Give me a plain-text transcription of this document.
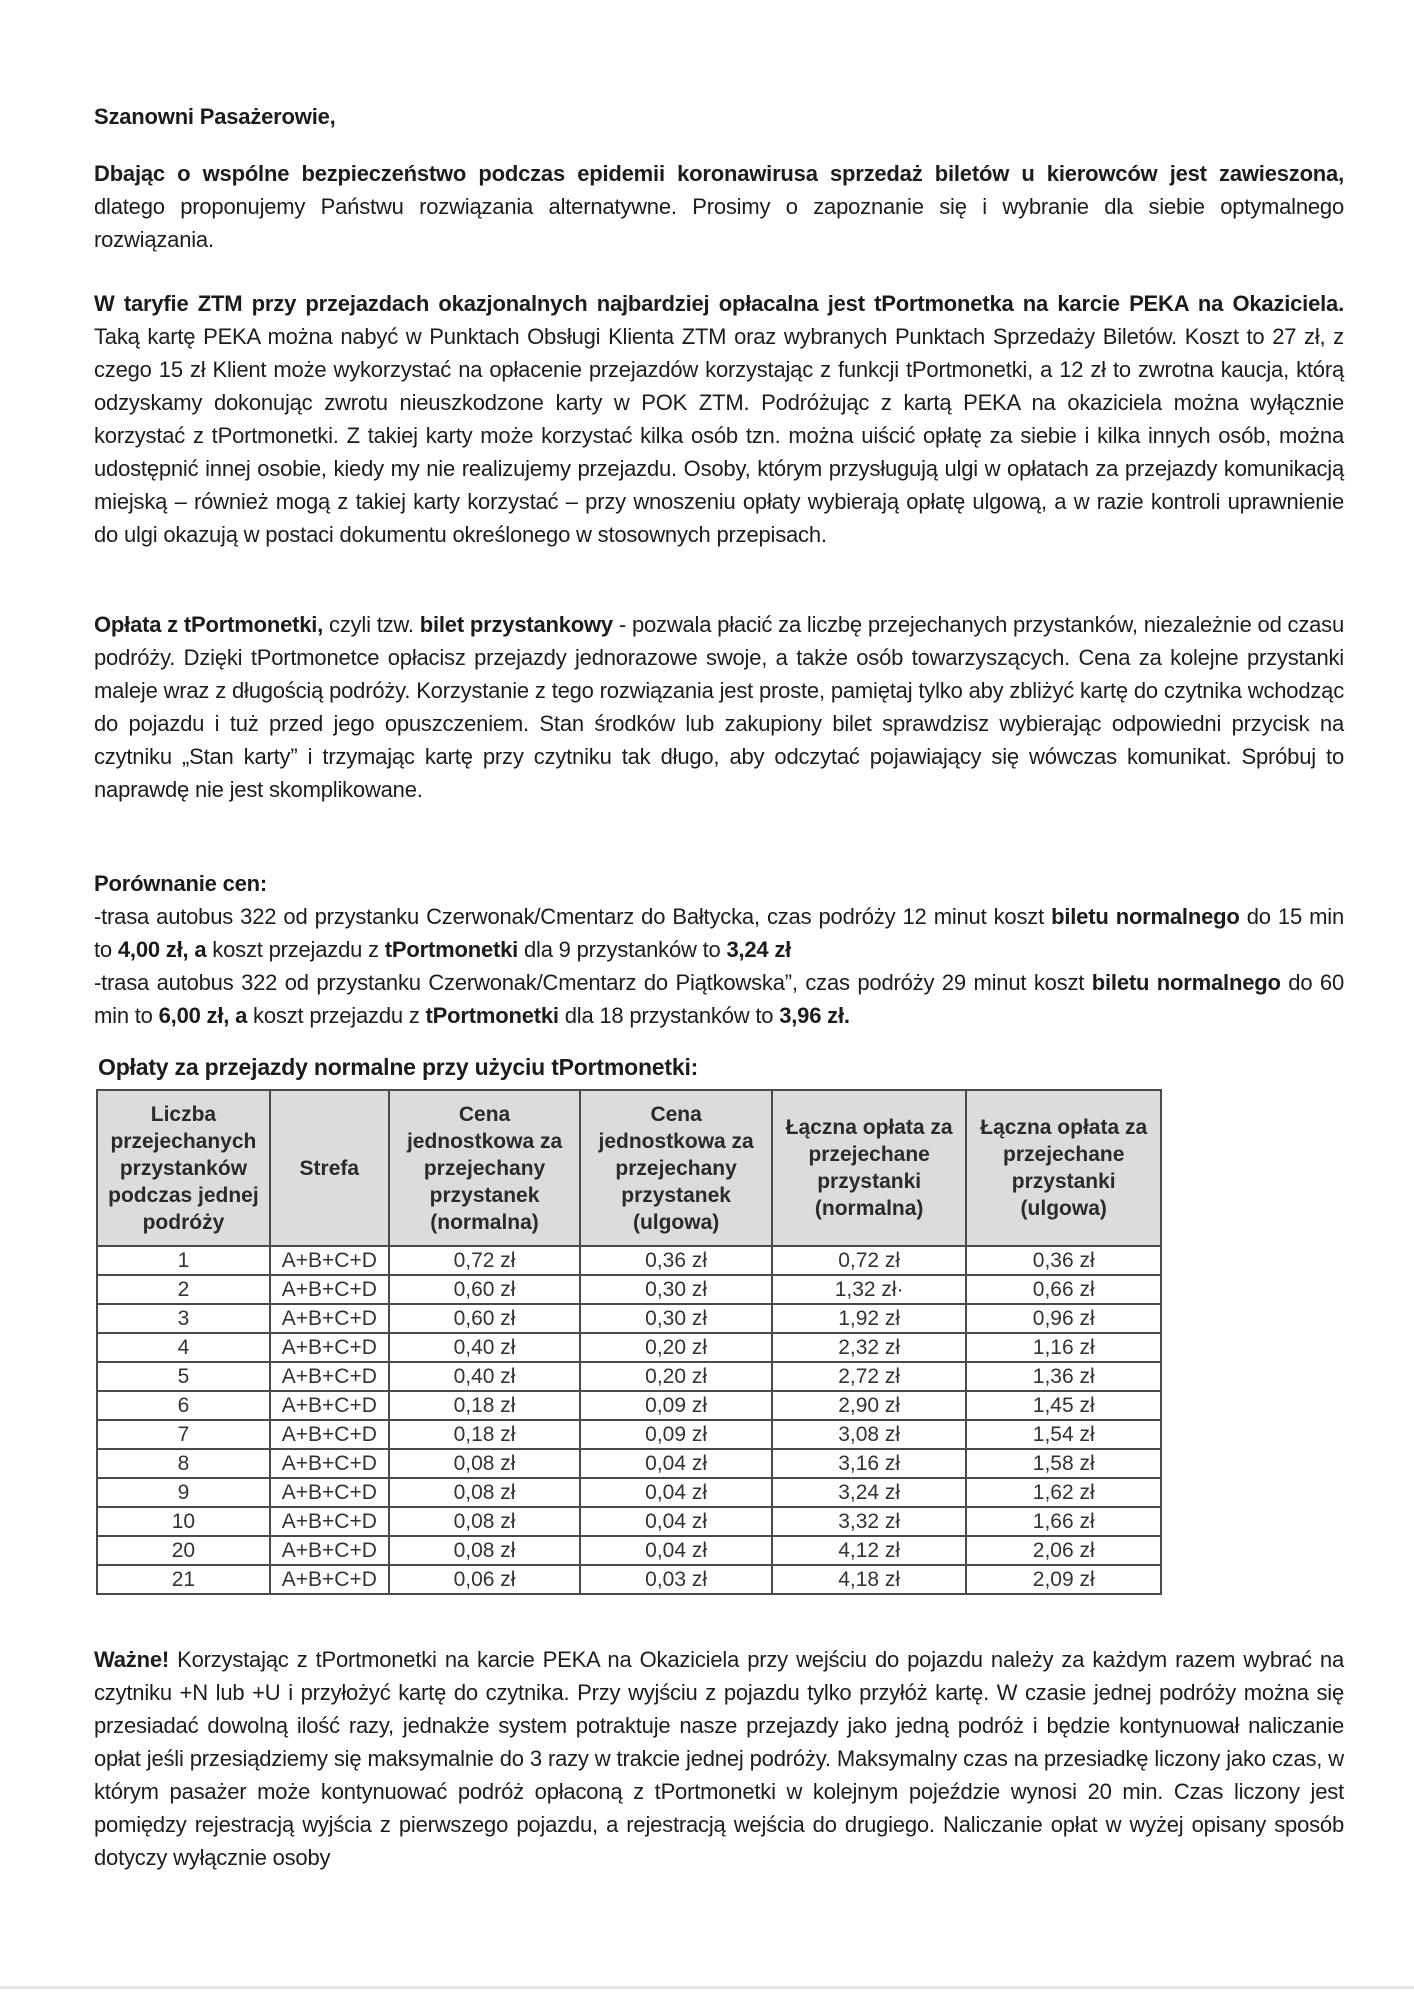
Szanowni Pasażerowie,

Dbając o wspólne bezpieczeństwo podczas epidemii koronawirusa sprzedaż biletów u kierowców jest zawieszona, dlatego proponujemy Państwu rozwiązania alternatywne. Prosimy o zapoznanie się i wybranie dla siebie optymalnego rozwiązania.

W taryfie ZTM przy przejazdach okazjonalnych najbardziej opłacalna jest tPortmonetka na karcie PEKA na Okaziciela. Taką kartę PEKA można nabyć w Punktach Obsługi Klienta ZTM oraz wybranych Punktach Sprzedaży Biletów. Koszt to 27 zł, z czego 15 zł Klient może wykorzystać na opłacenie przejazdów korzystając z funkcji tPortmonetki, a 12 zł to zwrotna kaucja, którą odzyskamy dokonując zwrotu nieuszkodzone karty w POK ZTM. Podróżując z kartą PEKA na okaziciela można wyłącznie korzystać z tPortmonetki. Z takiej karty może korzystać kilka osób tzn. można uiścić opłatę za siebie i kilka innych osób, można udostępnić innej osobie, kiedy my nie realizujemy przejazdu. Osoby, którym przysługują ulgi w opłatach za przejazdy komunikacją miejską – również mogą z takiej karty korzystać – przy wnoszeniu opłaty wybierają opłatę ulgową, a w razie kontroli uprawnienie do ulgi okazują w postaci dokumentu określonego w stosownych przepisach.

Opłata z tPortmonetki, czyli tzw. bilet przystankowy - pozwala płacić za liczbę przejechanych przystanków, niezależnie od czasu podróży. Dzięki tPortmonetce opłacisz przejazdy jednorazowe swoje, a także osób towarzyszących. Cena za kolejne przystanki maleje wraz z długością podróży. Korzystanie z tego rozwiązania jest proste, pamiętaj tylko aby zbliżyć kartę do czytnika wchodząc do pojazdu i tuż przed jego opuszczeniem. Stan środków lub zakupiony bilet sprawdzisz wybierając odpowiedni przycisk na czytniku „Stan karty” i trzymając kartę przy czytniku tak długo, aby odczytać pojawiający się wówczas komunikat. Spróbuj to naprawdę nie jest skomplikowane.

Porównanie cen:
-trasa autobus 322 od przystanku Czerwonak/Cmentarz do Bałtycka, czas podróży 12 minut koszt biletu normalnego do 15 min to 4,00 zł, a koszt przejazdu z tPortmonetki dla 9 przystanków to 3,24 zł
-trasa autobus 322 od przystanku Czerwonak/Cmentarz do Piątkowska”, czas podróży 29 minut koszt biletu normalnego do 60 min to 6,00 zł, a koszt przejazdu z tPortmonetki dla 18 przystanków to 3,96 zł.

Opłaty za przejazdy normalne przy użyciu tPortmonetki:

Liczba przejechanych przystanków podczas jednej podróży	Strefa	Cena jednostkowa za przejechany przystanek (normalna)	Cena jednostkowa za przejechany przystanek (ulgowa)	Łączna opłata za przejechane przystanki (normalna)	Łączna opłata za przejechane przystanki (ulgowa)
1	A+B+C+D	0,72 zł	0,36 zł	0,72 zł	0,36 zł
2	A+B+C+D	0,60 zł	0,30 zł	1,32 zł·	0,66 zł
3	A+B+C+D	0,60 zł	0,30 zł	1,92 zł	0,96 zł
4	A+B+C+D	0,40 zł	0,20 zł	2,32 zł	1,16 zł
5	A+B+C+D	0,40 zł	0,20 zł	2,72 zł	1,36 zł
6	A+B+C+D	0,18 zł	0,09 zł	2,90 zł	1,45 zł
7	A+B+C+D	0,18 zł	0,09 zł	3,08 zł	1,54 zł
8	A+B+C+D	0,08 zł	0,04 zł	3,16 zł	1,58 zł
9	A+B+C+D	0,08 zł	0,04 zł	3,24 zł	1,62 zł
10	A+B+C+D	0,08 zł	0,04 zł	3,32 zł	1,66 zł
20	A+B+C+D	0,08 zł	0,04 zł	4,12 zł	2,06 zł
21	A+B+C+D	0,06 zł	0,03 zł	4,18 zł	2,09 zł

Ważne! Korzystając z tPortmonetki na karcie PEKA na Okaziciela przy wejściu do pojazdu należy za każdym razem wybrać na czytniku +N lub +U i przyłożyć kartę do czytnika. Przy wyjściu z pojazdu tylko przyłóż kartę. W czasie jednej podróży można się przesiadać dowolną ilość razy, jednakże system potraktuje nasze przejazdy jako jedną podróż i będzie kontynuował naliczanie opłat jeśli przesiądziemy się maksymalnie do 3 razy w trakcie jednej podróży. Maksymalny czas na przesiadkę liczony jako czas, w którym pasażer może kontynuować podróż opłaconą z tPortmonetki w kolejnym pojeździe wynosi 20 min. Czas liczony jest pomiędzy rejestracją wyjścia z pierwszego pojazdu, a rejestracją wejścia do drugiego. Naliczanie opłat w wyżej opisany sposób dotyczy wyłącznie osoby
